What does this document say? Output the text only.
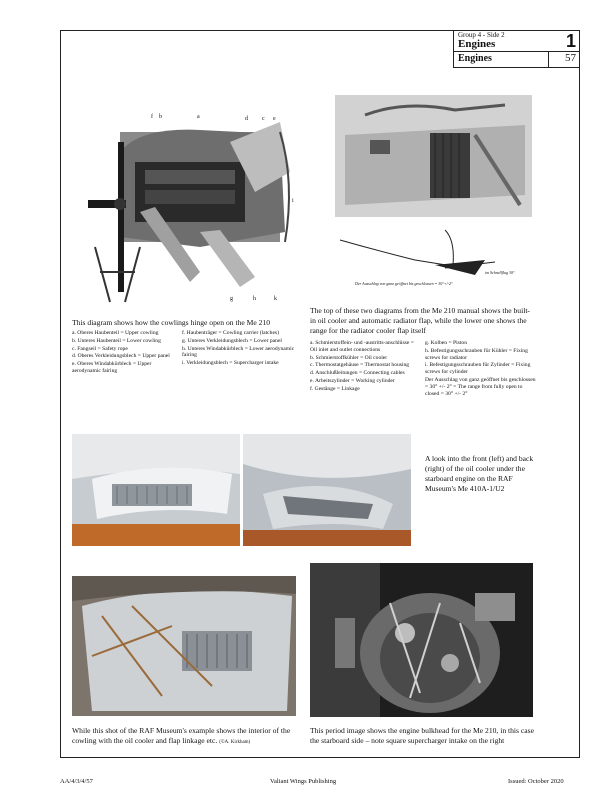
Group 4 - Side 2
Engines	1
Engines	57
f b	a	d c e
i
g	h	k
This diagram shows how the cowlings hinge open on the Me 210
a. Oberes Haubenteil = Upper cowling
b. Unteres Haubenteil = Lower cowling
c. Fangseil = Safety rope
d. Oberes Verkleidungsblech = Upper panel
e. Oberes Windabkürblech = Upper aerodynamic fairing
f. Haubenträger = Cowling carrier (latches)
g. Unteres Verkleidungsblech = Lower panel
h. Unteres Windabkürblech = Lower aerodynamic fairing
i. Verkleidungsblech = Supercharger intake
im Schnellflug 30°
Der Ausschlag von ganz geöffnet bis geschlossen = 30°+/-2°
The top of these two diagrams from the Me 210 manual shows the built-in oil cooler and automatic radiator flap, while the lower one shows the range for the radiator cooler flap itself
a. Schmierstoffein- und -austritts-anschlüsse = Oil inlet and outlet connections
b. Schmierstoffkühler = Oil cooler
c. Thermostatgehäuse = Thermostat housing
d. Anschlußleitungen = Connecting cables
e. Arbeitszylinder = Working cylinder
f. Gestänge = Linkage
g. Kolben = Piston
h. Befestigungsschrauben für Kühler = Fixing screws for radiator
i. Befestigungsschrauben für Zylinder = Fixing screws for cylinder
Der Ausschlag von ganz geöffnet bis geschlossen = 30° +/- 2° = The range from fully open to closed = 30° +/- 2°
A look into the front (left) and back (right) of the oil cooler under the starboard engine on the RAF Museum's Me 410A-1/U2
While this shot of the RAF Museum's example shows the interior of the cowling with the oil cooler and flap linkage etc. (©A. Kirkham)
This period image shows the engine bulkhead for the Me 210, in this case the starboard side – note square supercharger intake on the right
AA/4/3/4/57	Valiant Wings Publishing	Issued: October 2020
